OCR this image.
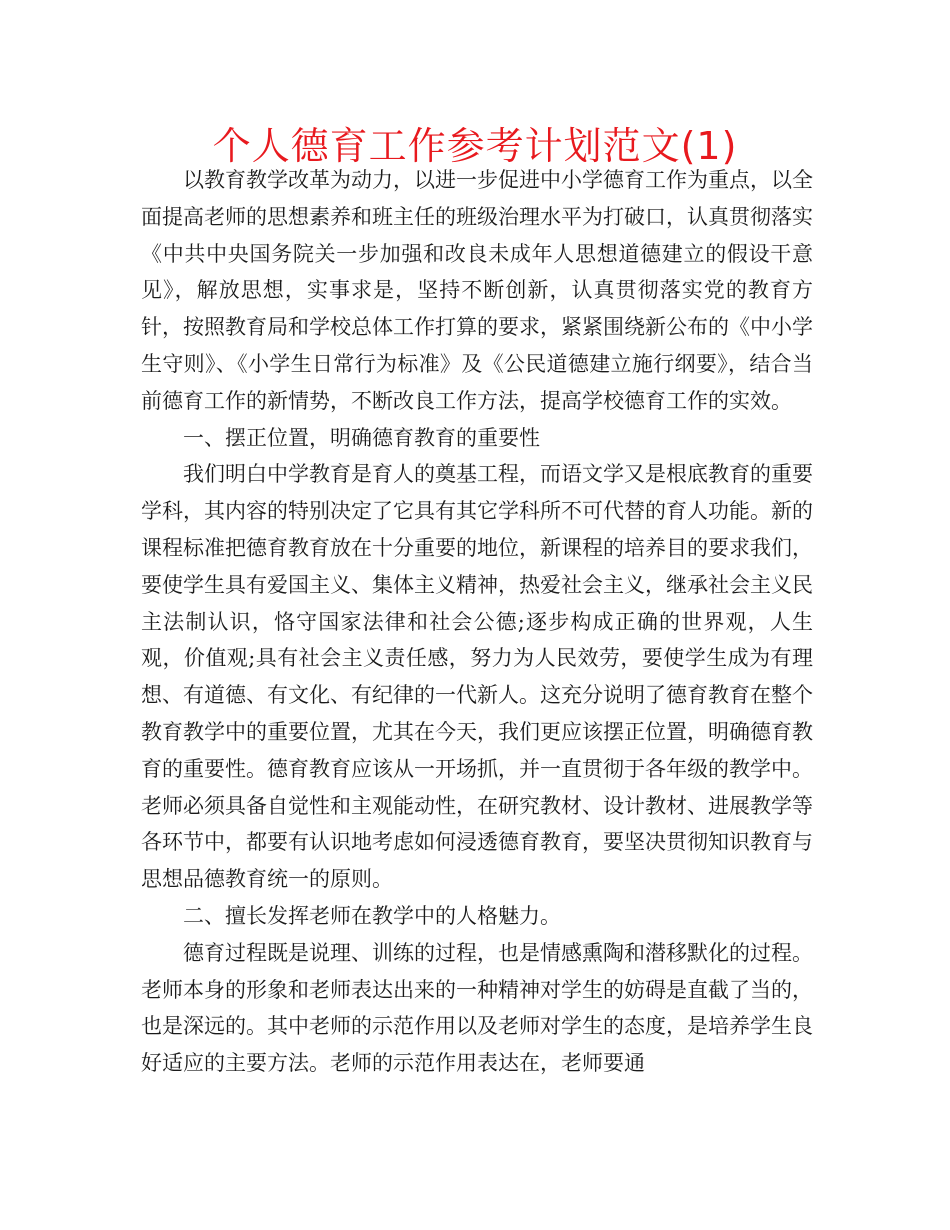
个人德育工作参考计划范文(1)

以教育教学改革为动力，以进一步促进中小学德育工作为重点，以全面提高老师的思想素养和班主任的班级治理水平为打破口，认真贯彻落实《中共中央国务院关一步加强和改良未成年人思想道德建立的假设干意见》，解放思想，实事求是，坚持不断创新，认真贯彻落实党的教育方针，按照教育局和学校总体工作打算的要求，紧紧围绕新公布的《中小学生守则》、《小学生日常行为标准》及《公民道德建立施行纲要》，结合当前德育工作的新情势，不断改良工作方法，提高学校德育工作的实效。

一、摆正位置，明确德育教育的重要性

我们明白中学教育是育人的奠基工程，而语文学又是根底教育的重要学科，其内容的特别决定了它具有其它学科所不可代替的育人功能。新的课程标准把德育教育放在十分重要的地位，新课程的培养目的要求我们，要使学生具有爱国主义、集体主义精神，热爱社会主义，继承社会主义民主法制认识，恪守国家法律和社会公德;逐步构成正确的世界观，人生观，价值观;具有社会主义责任感，努力为人民效劳，要使学生成为有理想、有道德、有文化、有纪律的一代新人。这充分说明了德育教育在整个教育教学中的重要位置，尤其在今天，我们更应该摆正位置，明确德育教育的重要性。德育教育应该从一开场抓，并一直贯彻于各年级的教学中。老师必须具备自觉性和主观能动性，在研究教材、设计教材、进展教学等各环节中，都要有认识地考虑如何浸透德育教育，要坚决贯彻知识教育与思想品德教育统一的原则。

二、擅长发挥老师在教学中的人格魅力。

德育过程既是说理、训练的过程，也是情感熏陶和潜移默化的过程。老师本身的形象和老师表达出来的一种精神对学生的妨碍是直截了当的，也是深远的。其中老师的示范作用以及老师对学生的态度，是培养学生良好适应的主要方法。老师的示范作用表达在，老师要通
